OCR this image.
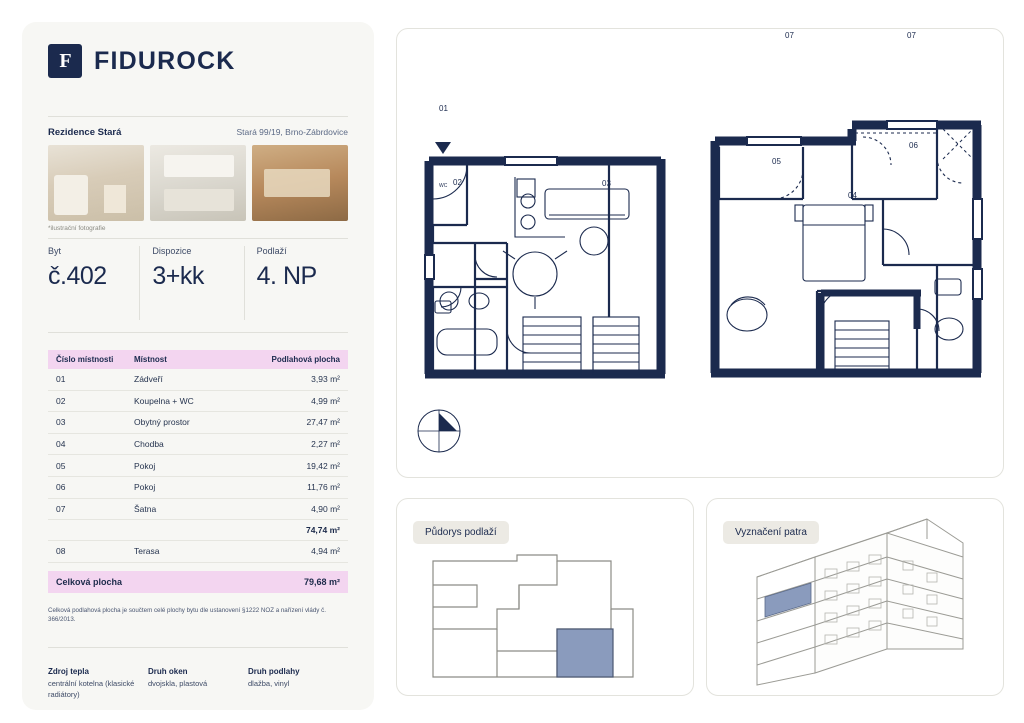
F FIDUROCK
Rezidence Stará	Stará 99/19, Brno-Zábrdovice
*ilustrační fotografie
Byt
č.402
Dispozice
3+kk
Podlaží
4. NP
Číslo místnosti	Místnost	Podlahová plocha
01	Zádveří	3,93 m²
02	Koupelna + WC	4,99 m²
03	Obytný prostor	27,47 m²
04	Chodba	2,27 m²
05	Pokoj	19,42 m²
06	Pokoj	11,76 m²
07	Šatna	4,90 m²
74,74 m²
08	Terasa	4,94 m²
Celková plocha	79,68 m²
Celková podlahová plocha je součtem celé plochy bytu dle ustanovení §1222 NOZ a nařízení vlády č. 366/2013.
Zdroj tepla
centrální kotelna (klasické radiátory)
Druh oken
dvojskla, plastová
Druh podlahy
dlažba, vinyl
01
02	03
07	07
05
06
04
WC
Půdorys podlaží	Vyznačení patra
